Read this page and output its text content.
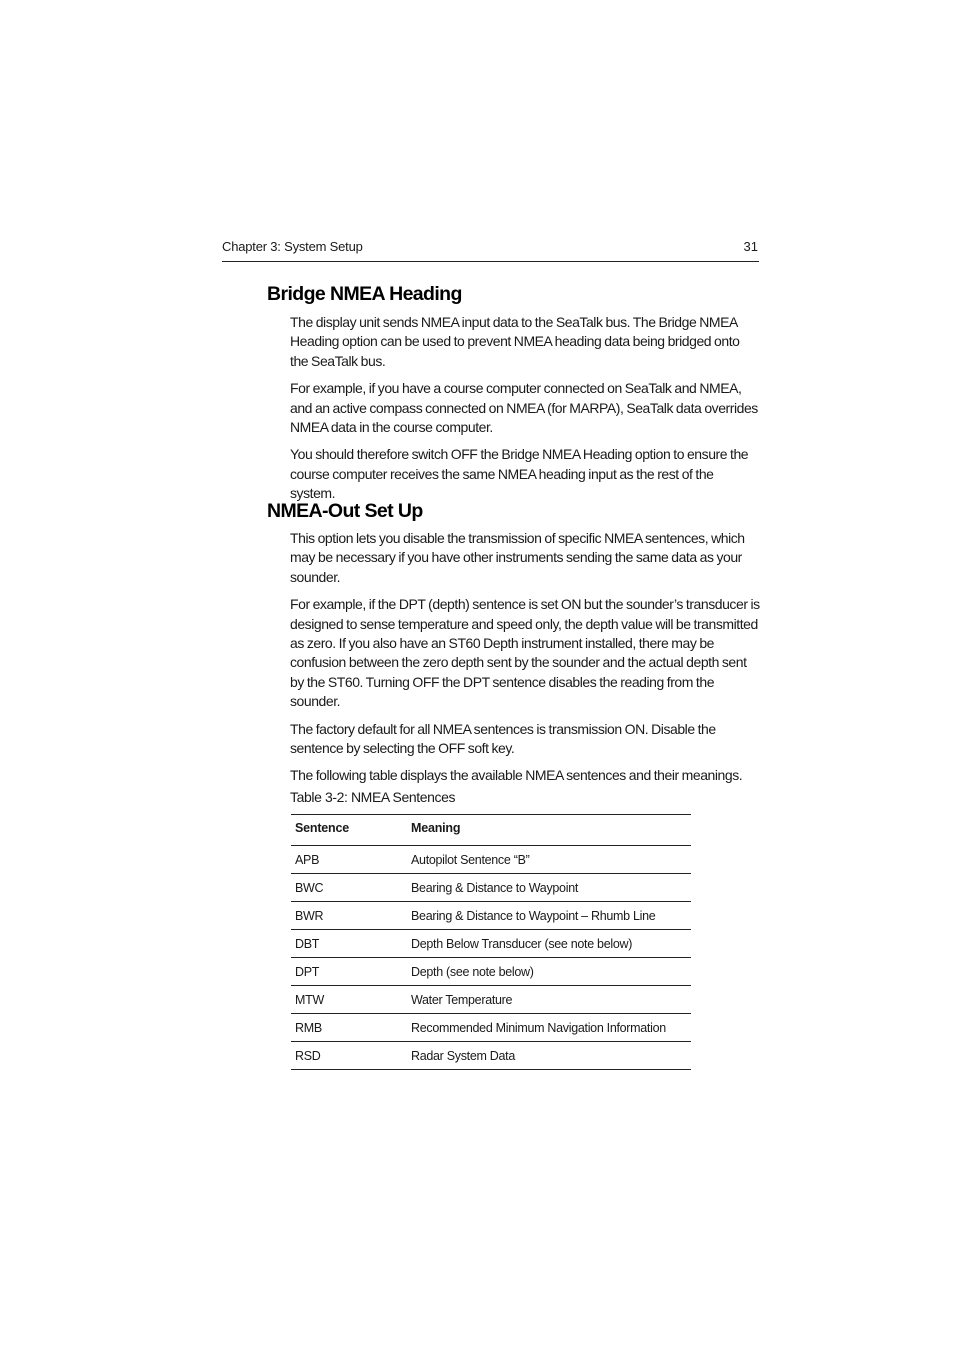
Chapter 3: System Setup	31
Bridge NMEA Heading

The display unit sends NMEA input data to the SeaTalk bus. The Bridge NMEA Heading option can be used to prevent NMEA heading data being bridged onto the SeaTalk bus.

For example, if you have a course computer connected on SeaTalk and NMEA, and an active compass connected on NMEA (for MARPA), SeaTalk data overrides NMEA data in the course computer.

You should therefore switch OFF the Bridge NMEA Heading option to ensure the course computer receives the same NMEA heading input as the rest of the system.

NMEA-Out Set Up

This option lets you disable the transmission of specific NMEA sentences, which may be necessary if you have other instruments sending the same data as your sounder.

For example, if the DPT (depth) sentence is set ON but the sounder’s transducer is designed to sense temperature and speed only, the depth value will be transmitted as zero. If you also have an ST60 Depth instrument installed, there may be confusion between the zero depth sent by the sounder and the actual depth sent by the ST60. Turning OFF the DPT sentence disables the reading from the sounder.

The factory default for all NMEA sentences is transmission ON. Disable the sentence by selecting the OFF soft key.

The following table displays the available NMEA sentences and their meanings.

Table 3-2: NMEA Sentences
Sentence	Meaning
APB	Autopilot Sentence “B”
BWC	Bearing & Distance to Waypoint
BWR	Bearing & Distance to Waypoint – Rhumb Line
DBT	Depth Below Transducer (see note below)
DPT	Depth (see note below)
MTW	Water Temperature
RMB	Recommended Minimum Navigation Information
RSD	Radar System Data
